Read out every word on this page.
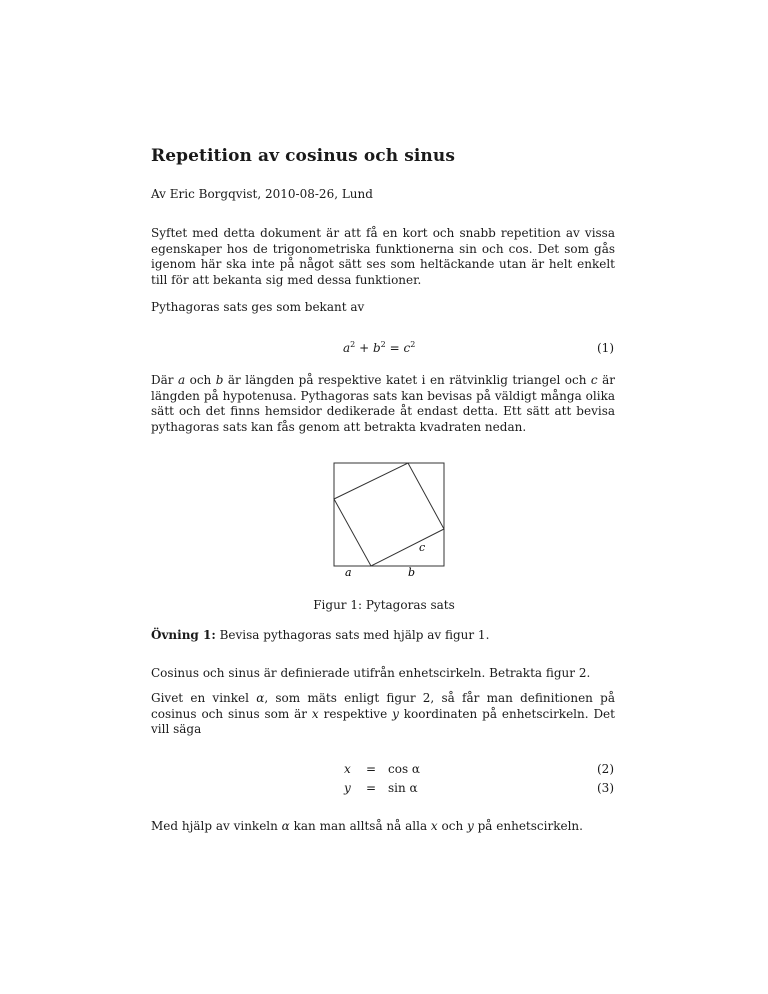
Repetition av cosinus och sinus
Av Eric Borgqvist, 2010-08-26, Lund

Syftet med detta dokument är att få en kort och snabb repetition av vissa egenskaper hos de trigonometriska funktionerna sin och cos. Det som gås igenom här ska inte på något sätt ses som heltäckande utan är helt enkelt till för att bekanta sig med dessa funktioner.

Pythagoras sats ges som bekant av

$a^2 + b^2 = c^2$	(1)

Där a och b är längden på respektive katet i en rätvinklig triangel och c är längden på hypotenusa. Pythagoras sats kan bevisas på väldigt många olika sätt och det finns hemsidor dedikerade åt endast detta. Ett sätt att bevisa pythagoras sats kan fås genom att betrakta kvadraten nedan.

a	b
c
Figur 1: Pytagoras sats
Övning 1: Bevisa pythagoras sats med hjälp av figur 1.

Cosinus och sinus är definierade utifrån enhetscirkeln. Betrakta figur 2.

Givet en vinkel α, som mäts enligt figur 2, så får man definitionen på cosinus och sinus som är x respektive y koordinaten på enhetscirkeln. Det vill säga

x = cos α	(2)
y = sin α	(3)

Med hjälp av vinkeln α kan man alltså nå alla x och y på enhetscirkeln.
